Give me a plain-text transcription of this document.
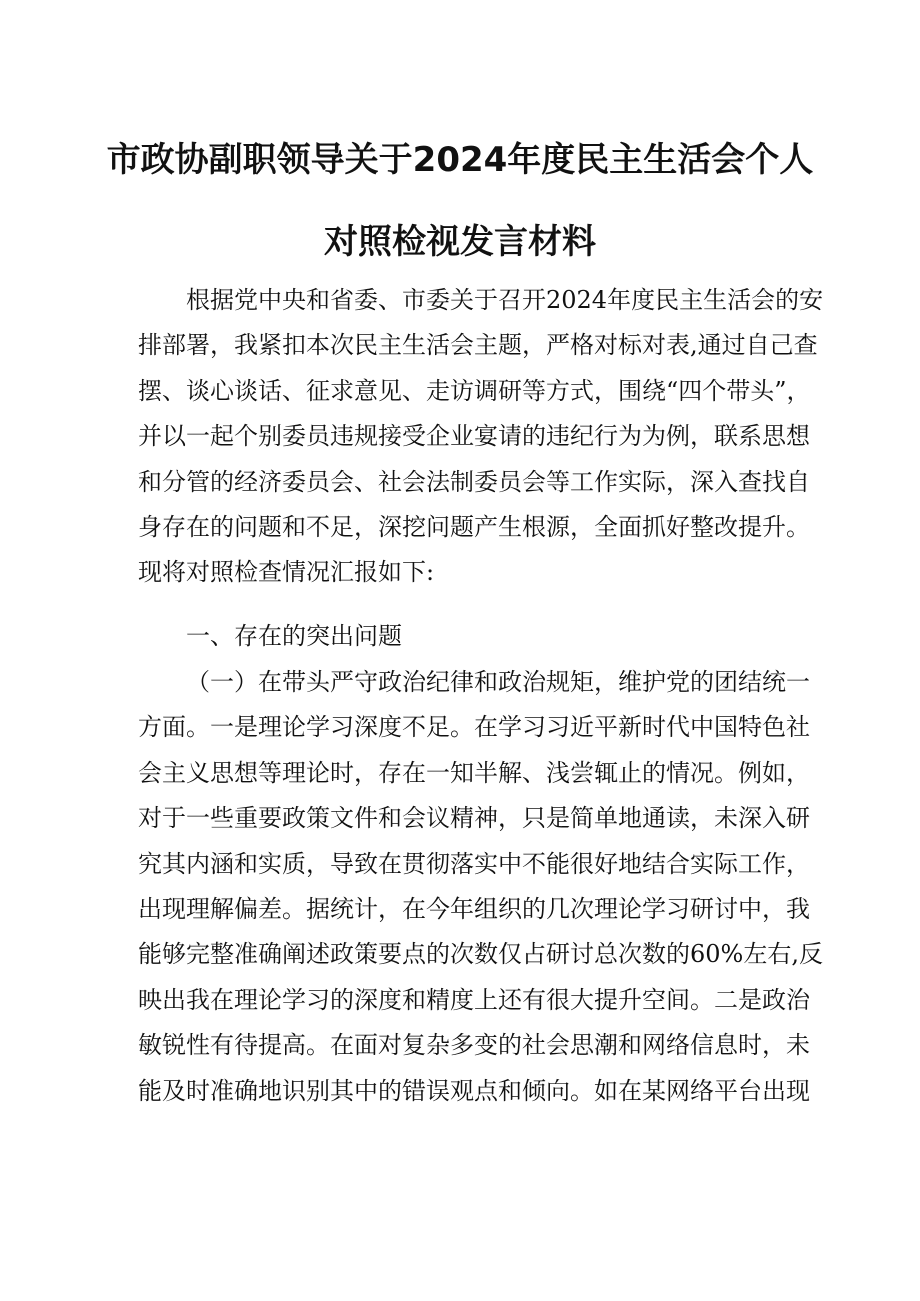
市政协副职领导关于2024年度民主生活会个人
对照检视发言材料
根据党中央和省委、市委关于召开2024年度民主生活会的安
排部署，我紧扣本次民主生活会主题，严格对标对表,通过自己查
摆、谈心谈话、征求意见、走访调研等方式，围绕“四个带头”，
并以一起个别委员违规接受企业宴请的违纪行为为例，联系思想
和分管的经济委员会、社会法制委员会等工作实际，深入查找自
身存在的问题和不足，深挖问题产生根源，全面抓好整改提升。
现将对照检查情况汇报如下:
一、存在的突出问题
（一）在带头严守政治纪律和政治规矩，维护党的团结统一
方面。一是理论学习深度不足。在学习习近平新时代中国特色社
会主义思想等理论时，存在一知半解、浅尝辄止的情况。例如，
对于一些重要政策文件和会议精神，只是简单地通读，未深入研
究其内涵和实质，导致在贯彻落实中不能很好地结合实际工作，
出现理解偏差。据统计，在今年组织的几次理论学习研讨中，我
能够完整准确阐述政策要点的次数仅占研讨总次数的60%左右,反
映出我在理论学习的深度和精度上还有很大提升空间。二是政治
敏锐性有待提高。在面对复杂多变的社会思潮和网络信息时，未
能及时准确地识别其中的错误观点和倾向。如在某网络平台出现
